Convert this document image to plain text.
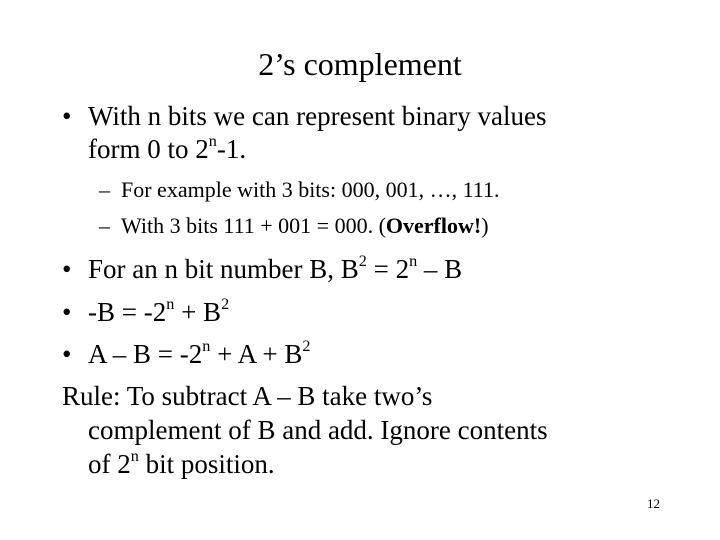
2’s complement
• With n bits we can represent binary values
form 0 to 2$^n$-1.
– For example with 3 bits: 000, 001, …, 111.
– With 3 bits 111 + 001 = 000. (Overflow!)
• For an n bit number B, $B^2 = 2^n - B$
• $-B = -2^n + B^2$
• $A - B = -2^n + A + B^2$
Rule: To subtract A – B take two’s
complement of B and add. Ignore contents
of 2$^n$ bit position.
12
